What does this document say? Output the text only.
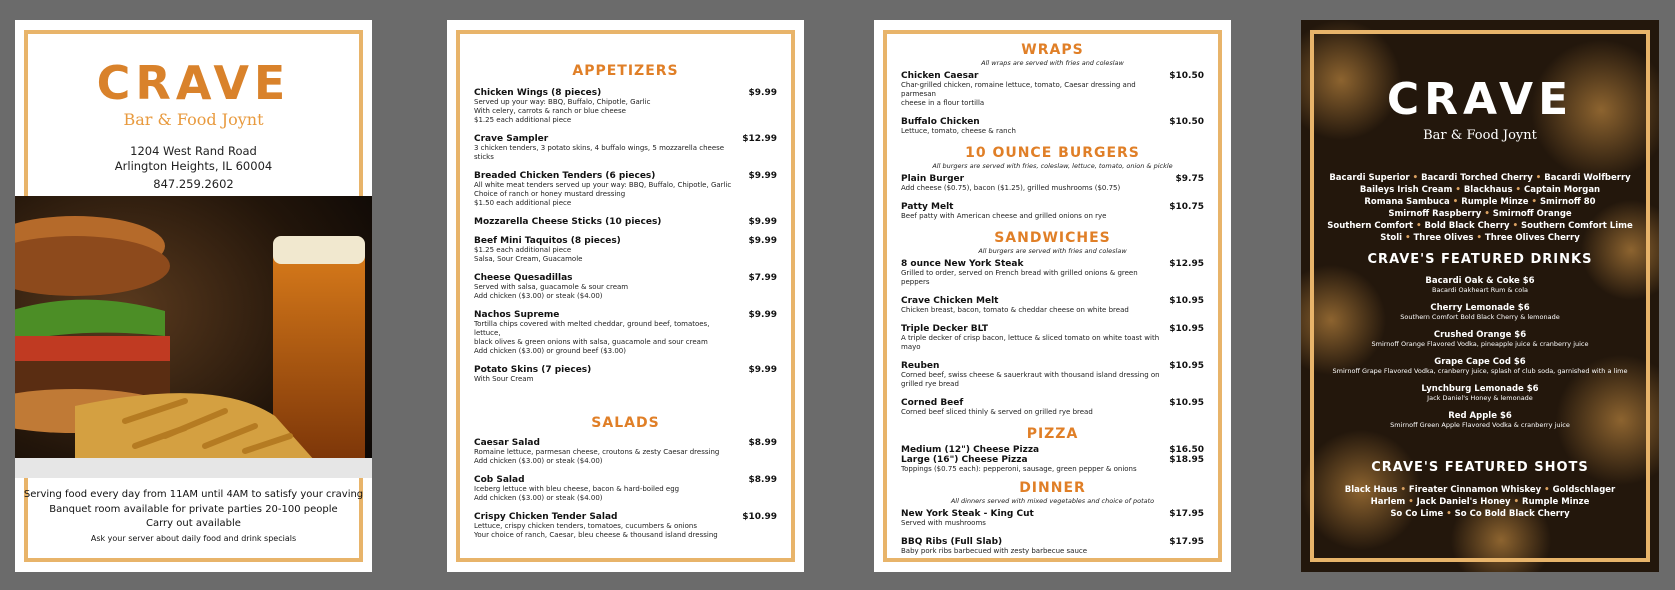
CRAVE
Bar & Food Joynt
1204 West Rand Road
Arlington Heights, IL 60004
847.259.2602
Serving food every day from 11AM until 4AM to satisfy your craving
Banquet room available for private parties 20-100 people
Carry out available
Ask your server about daily food and drink specials
APPETIZERS
Chicken Wings (8 pieces)	$9.99
Served up your way: BBQ, Buffalo, Chipotle, Garlic
With celery, carrots & ranch or blue cheese
$1.25 each additional piece
Crave Sampler	$12.99
3 chicken tenders, 3 potato skins, 4 buffalo wings, 5 mozzarella cheese sticks
Breaded Chicken Tenders (6 pieces)	$9.99
All white meat tenders served up your way: BBQ, Buffalo, Chipotle, Garlic
Choice of ranch or honey mustard dressing
$1.50 each additional piece
Mozzarella Cheese Sticks (10 pieces)	$9.99
Beef Mini Taquitos (8 pieces)	$9.99
$1.25 each additional piece
Salsa, Sour Cream, Guacamole
Cheese Quesadillas	$7.99
Served with salsa, guacamole & sour cream
Add chicken ($3.00) or steak ($4.00)
Nachos Supreme	$9.99
Tortilla chips covered with melted cheddar, ground beef, tomatoes, lettuce,
black olives & green onions with salsa, guacamole and sour cream
Add chicken ($3.00) or ground beef ($3.00)
Potato Skins (7 pieces)	$9.99
With Sour Cream
SALADS
Caesar Salad	$8.99
Romaine lettuce, parmesan cheese, croutons & zesty Caesar dressing
Add chicken ($3.00) or steak ($4.00)
Cob Salad	$8.99
Iceberg lettuce with bleu cheese, bacon & hard-boiled egg
Add chicken ($3.00) or steak ($4.00)
Crispy Chicken Tender Salad	$10.99
Lettuce, crispy chicken tenders, tomatoes, cucumbers & onions
Your choice of ranch, Caesar, bleu cheese & thousand island dressing
WRAPS
All wraps are served with fries and coleslaw
Chicken Caesar	$10.50
Char-grilled chicken, romaine lettuce, tomato, Caesar dressing and parmesan
cheese in a flour tortilla
Buffalo Chicken	$10.50
Lettuce, tomato, cheese & ranch
10 OUNCE BURGERS
All burgers are served with fries, coleslaw, lettuce, tomato, onion & pickle
Plain Burger	$9.75
Add cheese ($0.75), bacon ($1.25), grilled mushrooms ($0.75)
Patty Melt	$10.75
Beef patty with American cheese and grilled onions on rye
SANDWICHES
All burgers are served with fries and coleslaw
8 ounce New York Steak	$12.95
Grilled to order, served on French bread with grilled onions & green peppers
Crave Chicken Melt	$10.95
Chicken breast, bacon, tomato & cheddar cheese on white bread
Triple Decker BLT	$10.95
A triple decker of crisp bacon, lettuce & sliced tomato on white toast with mayo
Reuben	$10.95
Corned beef, swiss cheese & sauerkraut with thousand island dressing on
grilled rye bread
Corned Beef	$10.95
Corned beef sliced thinly & served on grilled rye bread
PIZZA
Medium (12") Cheese Pizza	$16.50
Large (16") Cheese Pizza	$18.95
Toppings ($0.75 each): pepperoni, sausage, green pepper & onions
DINNER
All dinners served with mixed vegetables and choice of potato
New York Steak - King Cut	$17.95
Served with mushrooms
BBQ Ribs (Full Slab)	$17.95
Baby pork ribs barbecued with zesty barbecue sauce
CRAVE
Bar & Food Joynt
Bacardi Superior • Bacardi Torched Cherry • Bacardi Wolfberry
Baileys Irish Cream • Blackhaus • Captain Morgan
Romana Sambuca • Rumple Minze • Smirnoff 80
Smirnoff Raspberry • Smirnoff Orange
Southern Comfort • Bold Black Cherry • Southern Comfort Lime
Stoli • Three Olives • Three Olives Cherry
CRAVE'S FEATURED DRINKS
Bacardi Oak & Coke $6
Bacardi Oakheart Rum & cola
Cherry Lemonade $6
Southern Comfort Bold Black Cherry & lemonade
Crushed Orange $6
Smirnoff Orange Flavored Vodka, pineapple juice & cranberry juice
Grape Cape Cod $6
Smirnoff Grape Flavored Vodka, cranberry juice, splash of club soda, garnished with a lime
Lynchburg Lemonade $6
Jack Daniel's Honey & lemonade
Red Apple $6
Smirnoff Green Apple Flavored Vodka & cranberry juice
CRAVE'S FEATURED SHOTS
Black Haus • Fireater Cinnamon Whiskey • Goldschlager
Harlem • Jack Daniel's Honey • Rumple Minze
So Co Lime • So Co Bold Black Cherry
